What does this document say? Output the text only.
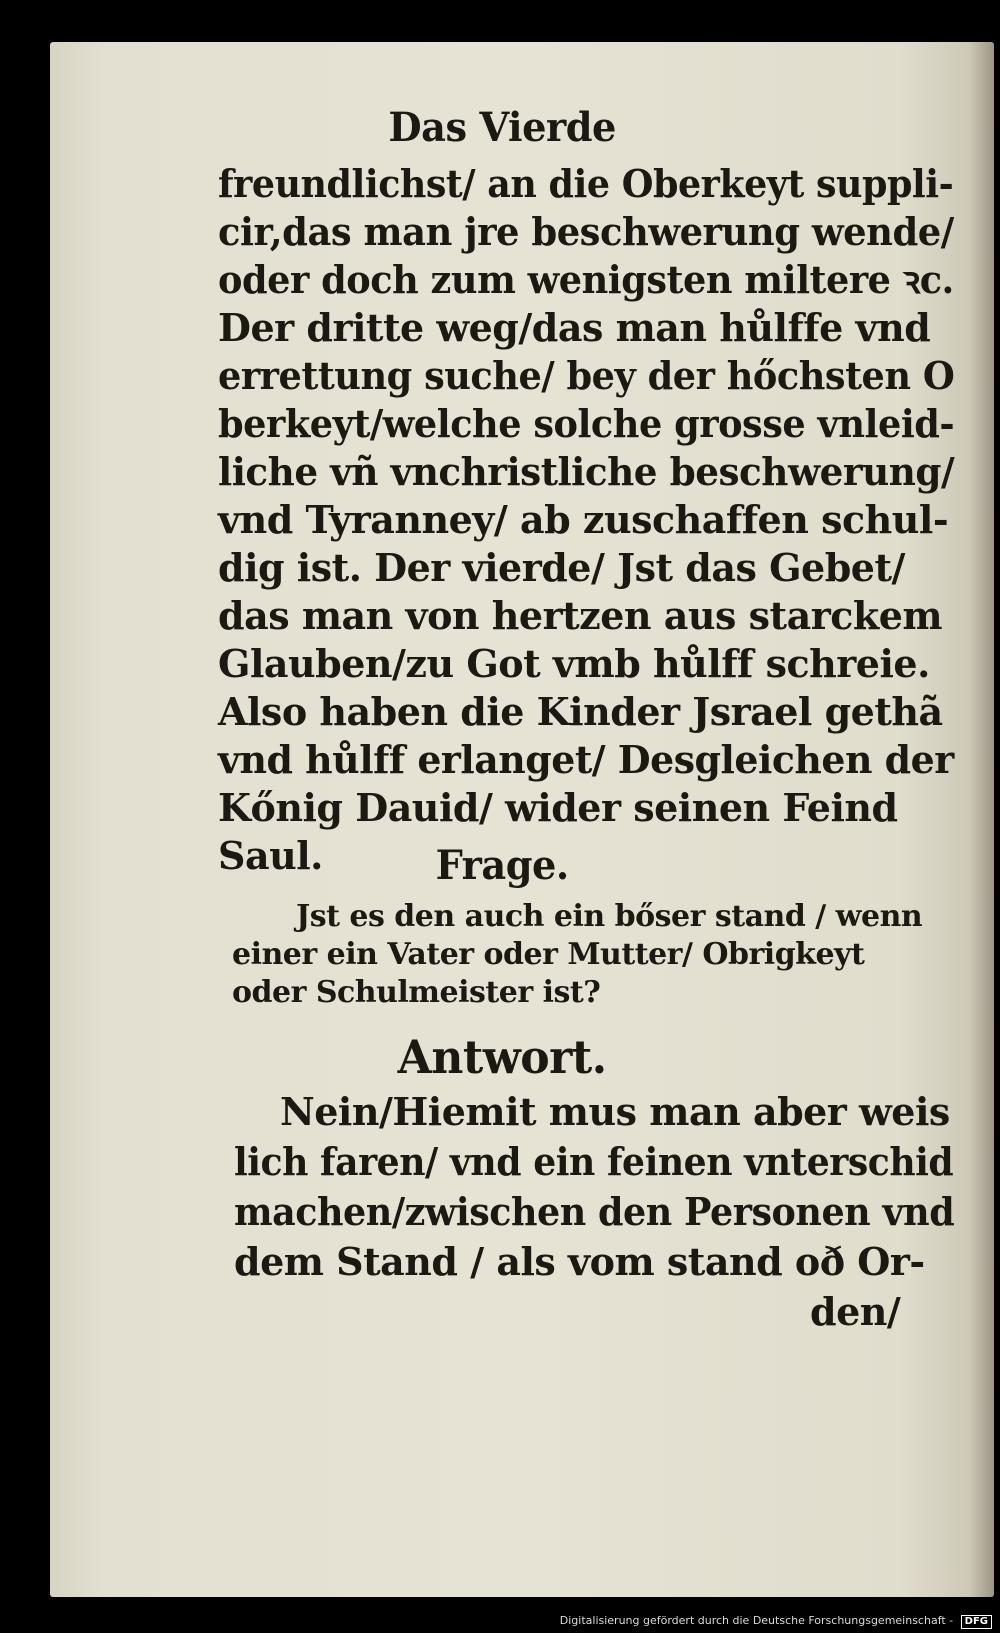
Das Vierde
freundlichst/ an die Oberkeyt suppli-
cir,das man jre beschwerung wende/
oder doch zum wenigsten miltere ꝛc.
Der dritte weg/das man hůlffe vnd
errettung suche/ bey der hőchsten O
berkeyt/welche solche grosse vnleid-
liche vñ vnchristliche beschwerung/
vnd Tyranney/ ab zuschaffen schul-
dig ist. Der vierde/ Jst das Gebet/
das man von hertzen aus starckem
Glauben/zu Got vmb hůlff schreie.
Also haben die Kinder Jsrael gethã
vnd hůlff erlanget/ Desgleichen der
Kőnig Dauid/ wider seinen Feind
Saul.	Frage.
Jst es den auch ein bőser stand / wenn
einer ein Vater oder Mutter/ Obrigkeyt
oder Schulmeister ist?
Antwort.
Nein/Hiemit mus man aber weis
lich faren/ vnd ein feinen vnterschid
machen/zwischen den Personen vnd
dem Stand / als vom stand oð Or-
den/
Digitalisierung gefördert durch die Deutsche Forschungsgemeinschaft - DFG
